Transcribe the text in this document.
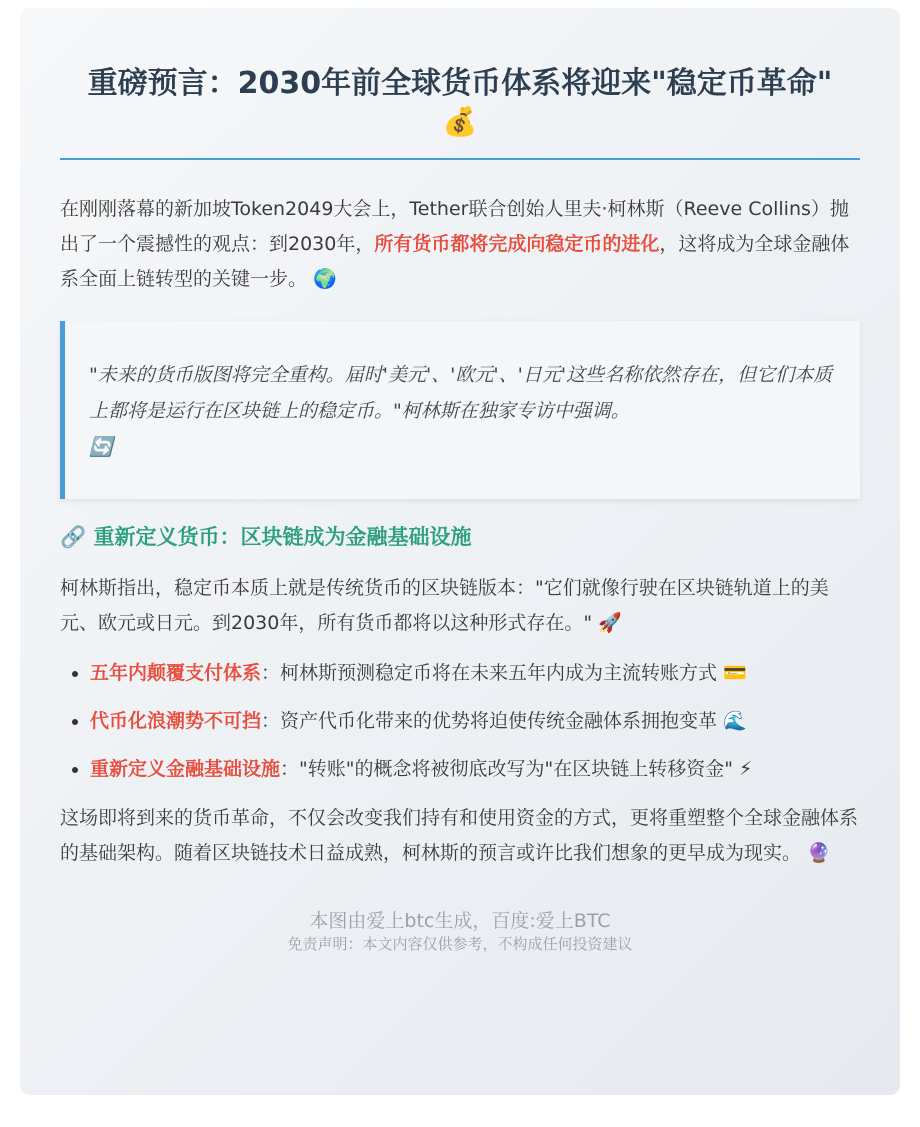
重磅预言：2030年前全球货币体系将迎来"稳定币革命"
💰

在刚刚落幕的新加坡Token2049大会上，Tether联合创始人里夫·柯林斯（Reeve Collins）抛出了一个震撼性的观点：到2030年，所有货币都将完成向稳定币的进化，这将成为全球金融体系全面上链转型的关键一步。 🌍

"未来的货币版图将完全重构。届时'美元'、'欧元'、'日元'这些名称依然存在，但它们本质上都将是运行在区块链上的稳定币。"柯林斯在独家专访中强调。
🔄
🔗 重新定义货币：区块链成为金融基础设施

柯林斯指出，稳定币本质上就是传统货币的区块链版本："它们就像行驶在区块链轨道上的美元、欧元或日元。到2030年，所有货币都将以这种形式存在。" 🚀

• 五年内颠覆支付体系：柯林斯预测稳定币将在未来五年内成为主流转账方式 💳
• 代币化浪潮势不可挡：资产代币化带来的优势将迫使传统金融体系拥抱变革 🌊
• 重新定义金融基础设施："转账"的概念将被彻底改写为"在区块链上转移资金" ⚡

这场即将到来的货币革命，不仅会改变我们持有和使用资金的方式，更将重塑整个全球金融体系的基础架构。随着区块链技术日益成熟，柯林斯的预言或许比我们想象的更早成为现实。 🔮

本图由爱上btc生成，百度:爱上BTC
免责声明：本文内容仅供参考，不构成任何投资建议
